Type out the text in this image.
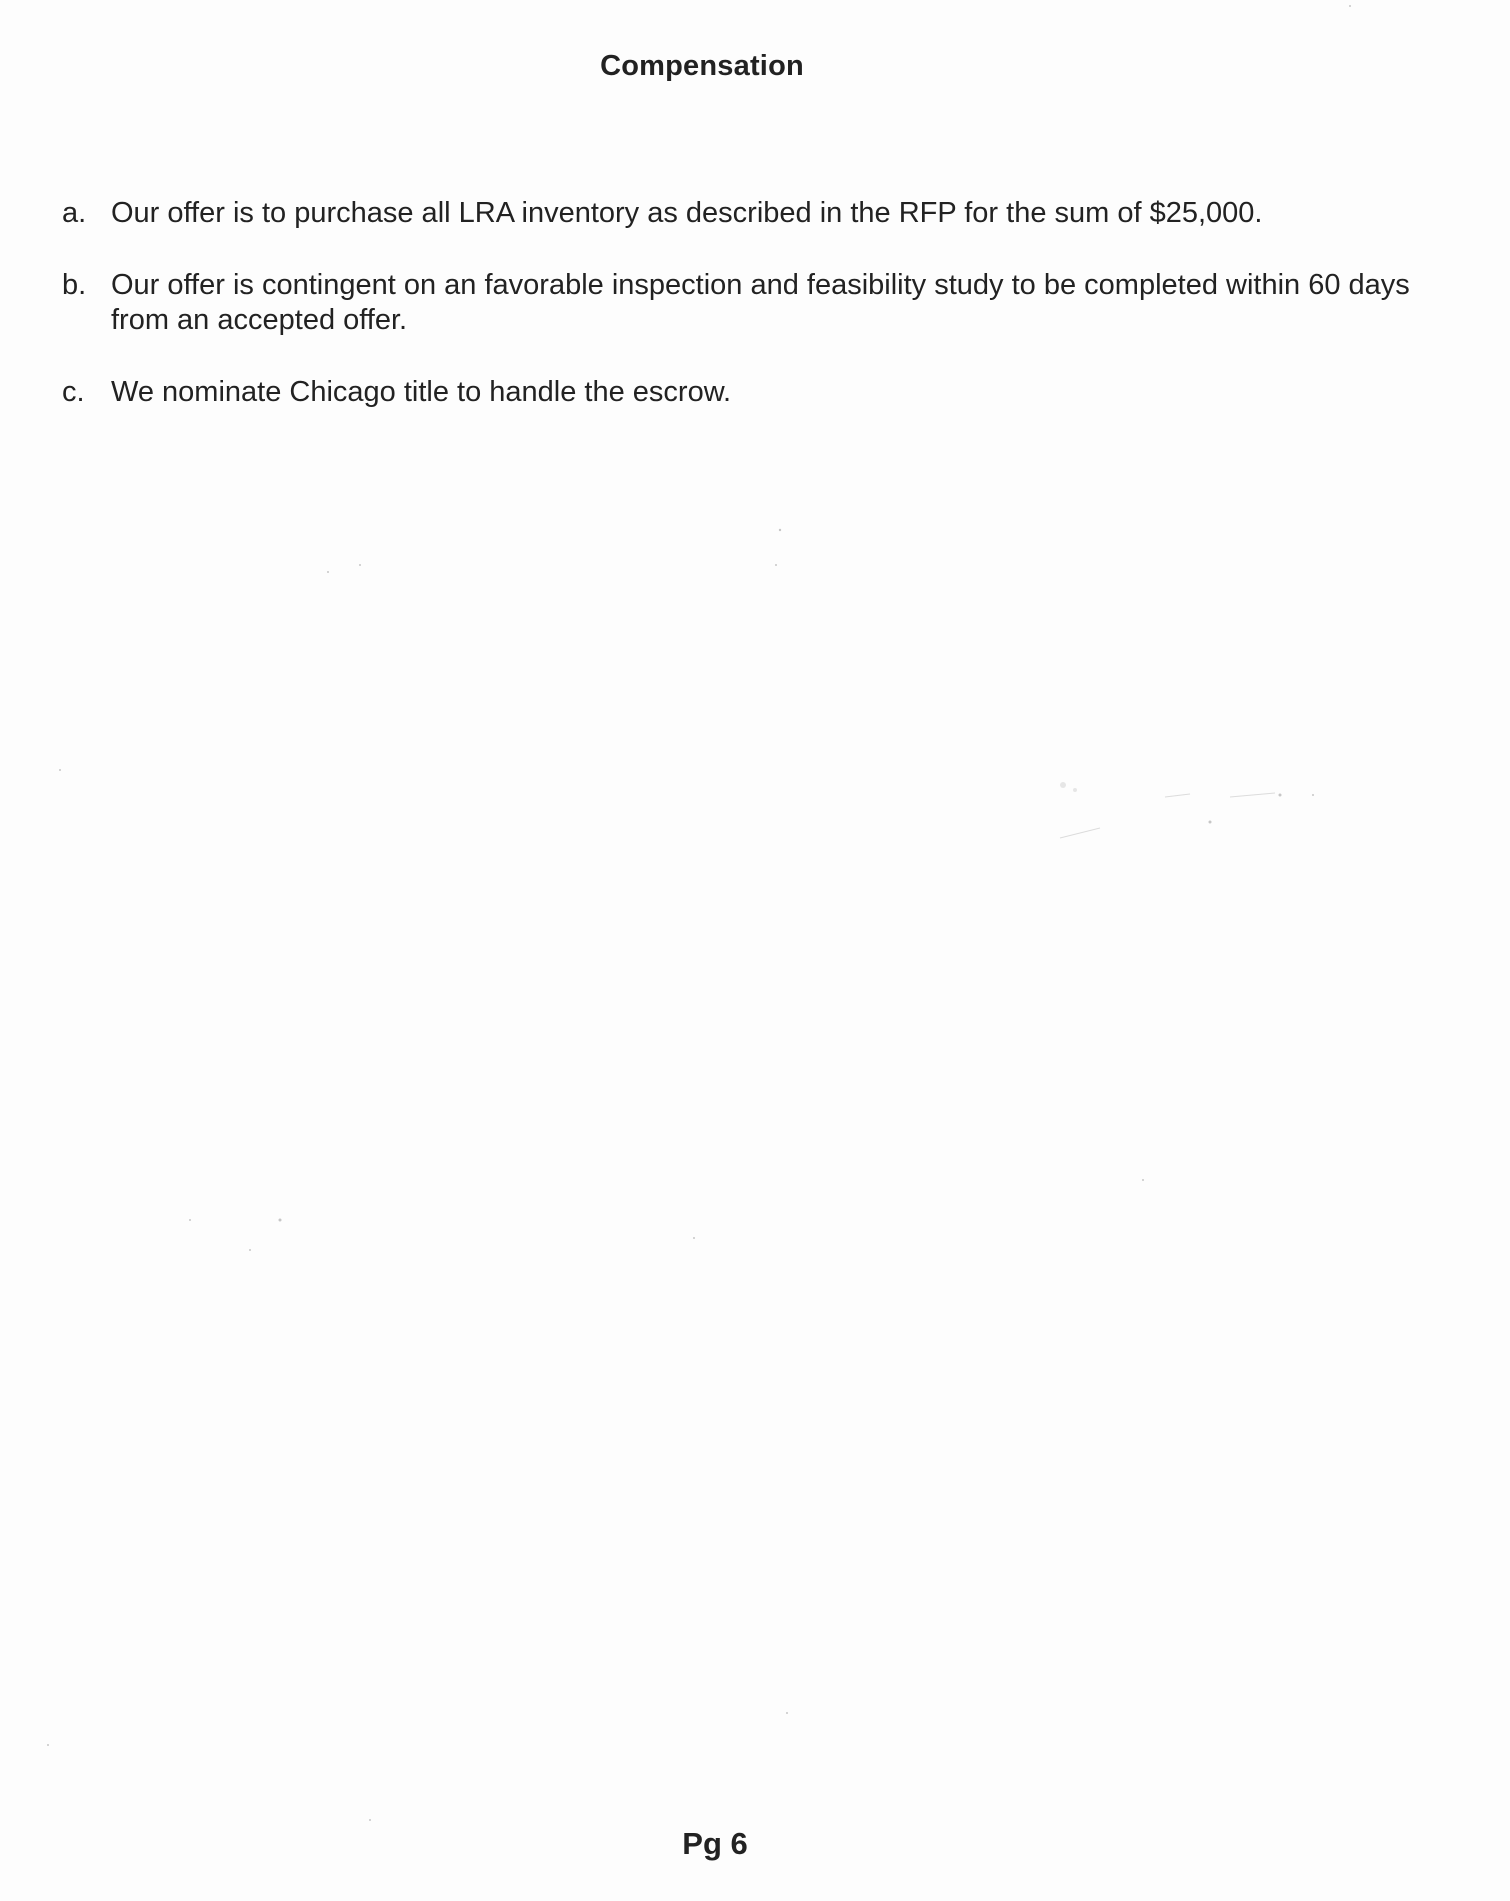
Compensation
a. Our offer is to purchase all LRA inventory as described in the RFP for the sum of $25,000.
b. Our offer is contingent on an favorable inspection and feasibility study to be completed within 60 days from an accepted offer.
c. We nominate Chicago title to handle the escrow.
Pg 6
